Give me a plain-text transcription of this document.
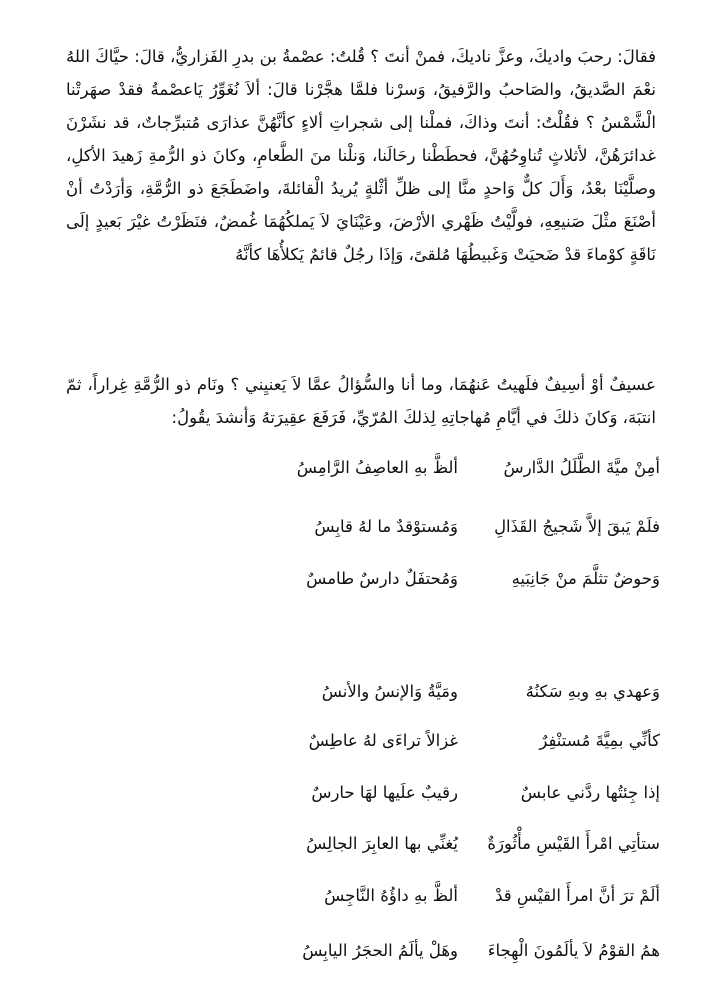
فقالَ: رحبَ واديكَ، وعزَّ ناديكَ، فمنْ أنتَ ؟ قُلتُ: عصْمةُ بن بدرِ الفَزاريُّ، قالَ: حيَّاكَ اللهُ نعْمَ الصَّديقُ، والصَاحبُ والرَّفيقُ، وَسرْنا فلمَّا هجَّرْنا قالَ: ألاَ نُغَوِّرُ يَاعصْمةُ فقدْ صهَرتْنا الْشَّمْسُ ؟ فقُلْتُ: أنتَ وذاكَ، فملْنا إلى شجراتِ ألاءٍ كأنَّهُنَّ عذارَى مُتبرِّجاتٌ، قد نشَرْنَ غدائرَهُنَّ، لأثلاثٍ تُناوِحُهُنَّ، فحطَطْنا رحَالَنا، وَنلْنا منَ الطَّعامِ، وكانَ ذو الرُّمةِ زَهيدَ الأكلِ، وصلَّيْنَا بعْدُ، وَأَلَ كلٌّ وَاحدٍ منَّا إلى ظلِّ أثْلةٍ يُريدُ الْقائلةَ، واضَطَجَعَ ذو الرُّمَّةِ، وَأرَدْتُ أنْ أصْنَعَ مثْلَ صَنيعِهِ، فولَّيْتُ ظَهْري الأرْضَ، وعَيْنَايَ لاَ يَملكُهُمَا غُمضٌ، فنَظَرْتُ غيْرَ بَعيدٍ إلَى نَاقَةٍ كوْماءَ قدْ ضَحيَتْ وَغَبيطُهَا مُلقىً، وَإذَا رجُلٌ قائمٌ يَكلأُهَا كأنَّهُ

عسيفٌ أوْ أسِيفٌ فلَهيتُ عَنهُمَا، وما أنا والسُّؤالُ عمَّا لاَ يَعنيِني ؟ ونَام ذو الرُّمَّةِ غِراراً، ثمّ انتبَهَ، وَكانَ ذلكَ في أيَّامِ مُهاجاتِهِ لِذلكَ المُرّيِّ، فَرَفَعَ عقِيرَتهُ وَأنشدَ يقُولُ:

أمِنْ ميَّةَ الطَّلَلُ الدَّارسُ
ألظَّ بهِ العاصِفُ الرَّامِسُ
فلَمْ يَبقَ إلاَّ شَجيجُ القَذَالِ
وَمُستوْقدٌ ما لهُ قابِسُ
وَحوضٌ تثلَّمَ منْ جَانِبَيهِ
وَمُحتفَلٌ دارسٌ طامسٌ
وَعهدي بهِ وبهِ سَكنُهُ
ومَيَّةُ وَالإنسُ والأنسُ
كأنِّي بمِيَّةَ مُستنْفِرٌ
غزالاً تراءَى لهُ عاطِسٌ
إذا جِئتُها ردَّني عابسٌ
رقيبٌ علَيها لهَا حارسٌ
ستأتِي امْرأَ القَيْسِ مأْثُورَةٌ
يُغنِّي بها العابِرَ الجالِسُ
ألَمْ ترَ أنَّ امرأَ القيْسِ قدْ
ألظَّ بهِ داؤُهُ النَّاجِسُ
همُ القوْمُ لاَ يألَمُونَ الْهِجاءَ
وهَلْ يألَمُ الحجَرُ اليابِسُ
